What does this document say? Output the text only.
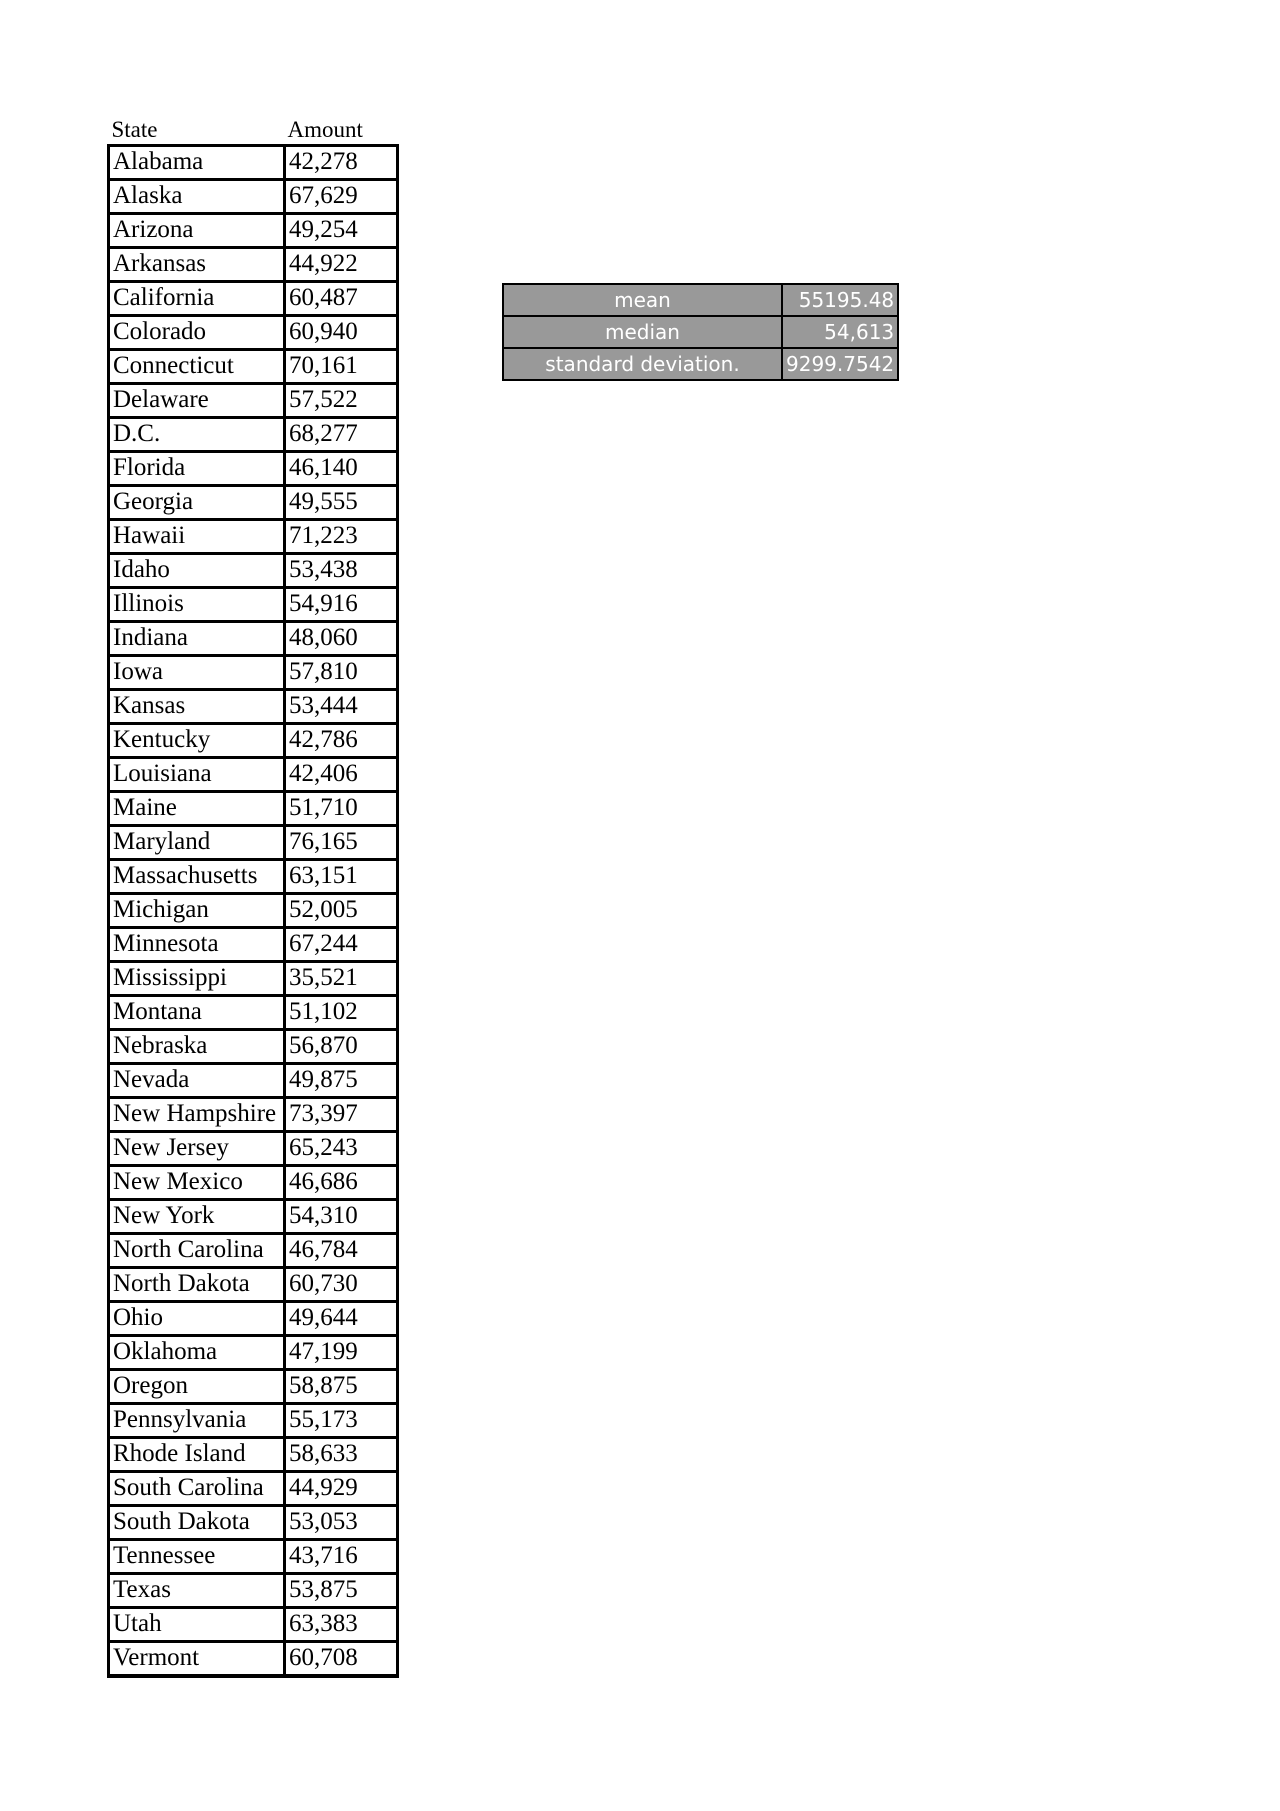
State	Amount
Alabama	42,278
Alaska	67,629
Arizona	49,254
Arkansas	44,922
California	60,487
Colorado	60,940
Connecticut	70,161
Delaware	57,522
D.C.	68,277
Florida	46,140
Georgia	49,555
Hawaii	71,223
Idaho	53,438
Illinois	54,916
Indiana	48,060
Iowa	57,810
Kansas	53,444
Kentucky	42,786
Louisiana	42,406
Maine	51,710
Maryland	76,165
Massachusetts	63,151
Michigan	52,005
Minnesota	67,244
Mississippi	35,521
Montana	51,102
Nebraska	56,870
Nevada	49,875
New Hampshire	73,397
New Jersey	65,243
New Mexico	46,686
New York	54,310
North Carolina	46,784
North Dakota	60,730
Ohio	49,644
Oklahoma	47,199
Oregon	58,875
Pennsylvania	55,173
Rhode Island	58,633
South Carolina	44,929
South Dakota	53,053
Tennessee	43,716
Texas	53,875
Utah	63,383
Vermont	60,708
mean	55195.48
median	54,613
standard deviation.	9299.7542
